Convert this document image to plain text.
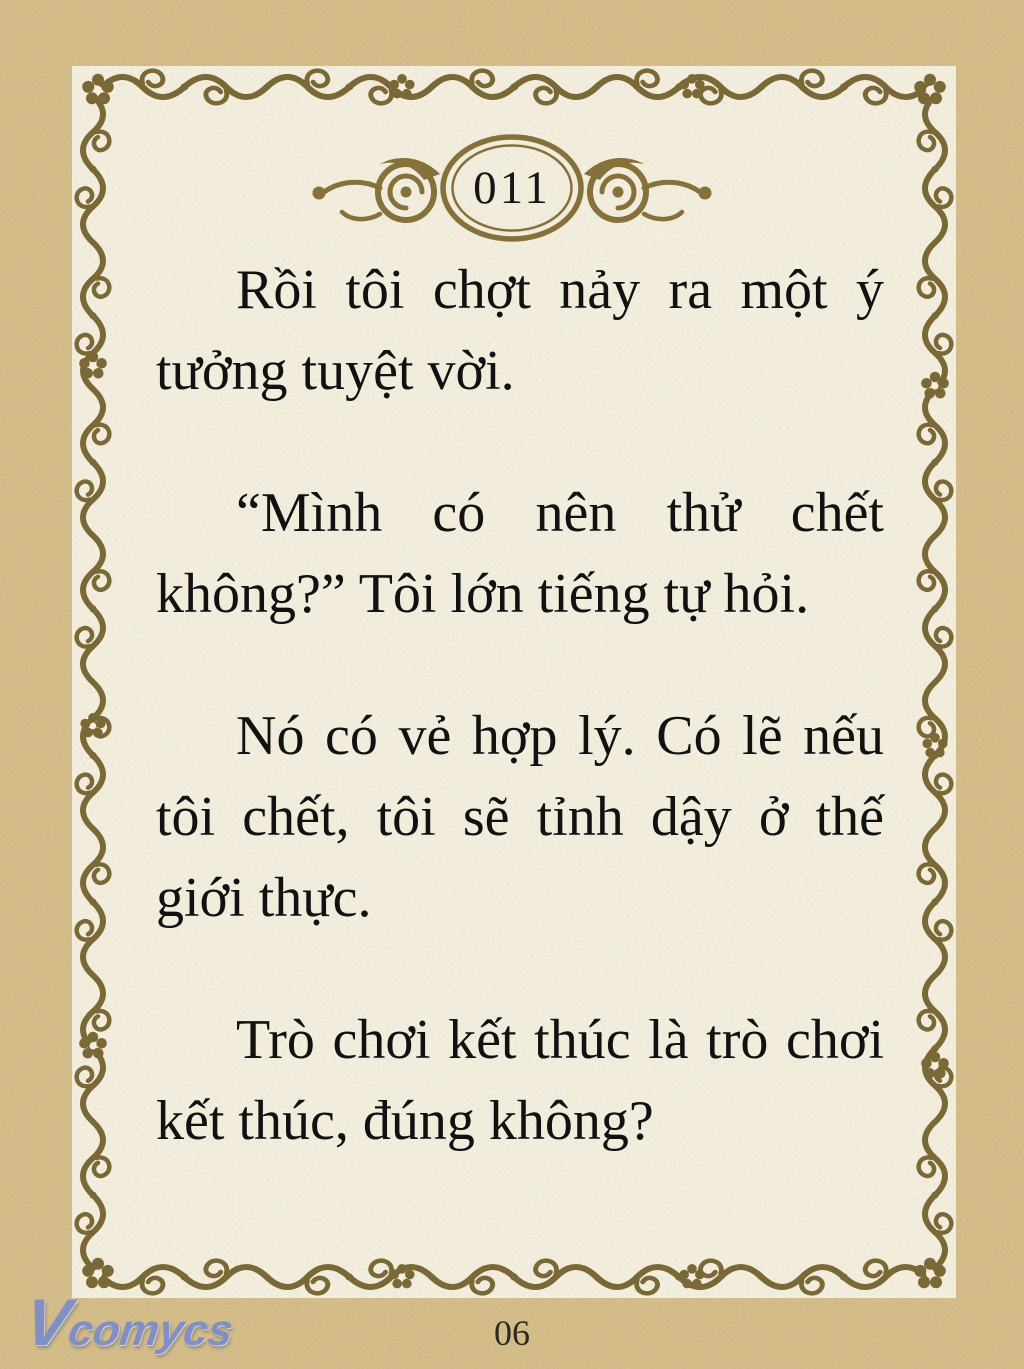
011

Rồi tôi chợt nảy ra một ý tưởng tuyệt vời.

“Mình có nên thử chết không?” Tôi lớn tiếng tự hỏi.

Nó có vẻ hợp lý. Có lẽ nếu tôi chết, tôi sẽ tỉnh dậy ở thế giới thực.

Trò chơi kết thúc là trò chơi kết thúc, đúng không?

Vcomycs	06
